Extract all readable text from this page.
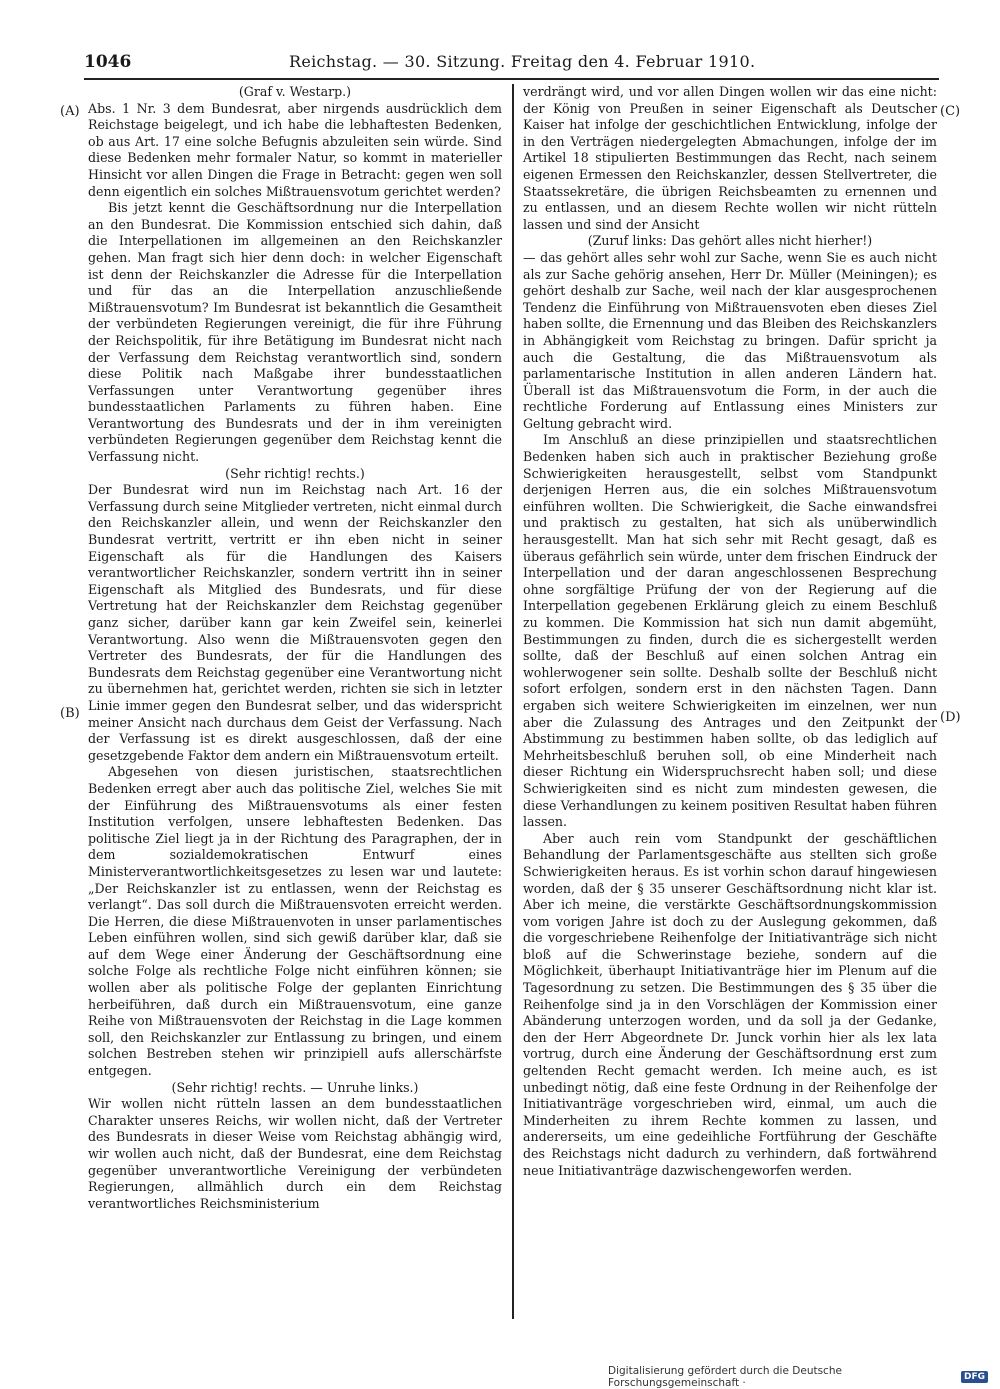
1046	Reichstag. — 30. Sitzung. Freitag den 4. Februar 1910.

(Graf v. Westarp.)

Abs. 1 Nr. 3 dem Bundesrat, aber nirgends ausdrücklich dem Reichstage beigelegt, und ich habe die lebhaftesten Bedenken, ob aus Art. 17 eine solche Befugnis abzuleiten sein würde. Sind diese Bedenken mehr formaler Natur, so kommt in materieller Hinsicht vor allen Dingen die Frage in Betracht: gegen wen soll denn eigentlich ein solches Mißtrauensvotum gerichtet werden?

Bis jetzt kennt die Geschäftsordnung nur die Interpellation an den Bundesrat. Die Kommission entschied sich dahin, daß die Interpellationen im allgemeinen an den Reichskanzler gehen. Man fragt sich hier denn doch: in welcher Eigenschaft ist denn der Reichskanzler die Adresse für die Interpellation und für das an die Interpellation anzuschließende Mißtrauensvotum? Im Bundesrat ist bekanntlich die Gesamtheit der verbündeten Regierungen vereinigt, die für ihre Führung der Reichspolitik, für ihre Betätigung im Bundesrat nicht nach der Verfassung dem Reichstag verantwortlich sind, sondern diese Politik nach Maßgabe ihrer bundesstaatlichen Verfassungen unter Verantwortung gegenüber ihres bundesstaatlichen Parlaments zu führen haben. Eine Verantwortung des Bundesrats und der in ihm vereinigten verbündeten Regierungen gegenüber dem Reichstag kennt die Verfassung nicht.

(Sehr richtig! rechts.)

Der Bundesrat wird nun im Reichstag nach Art. 16 der Verfassung durch seine Mitglieder vertreten, nicht einmal durch den Reichskanzler allein, und wenn der Reichskanzler den Bundesrat vertritt, vertritt er ihn eben nicht in seiner Eigenschaft als für die Handlungen des Kaisers verantwortlicher Reichskanzler, sondern vertritt ihn in seiner Eigenschaft als Mitglied des Bundesrats, und für diese Vertretung hat der Reichskanzler dem Reichstag gegenüber ganz sicher, darüber kann gar kein Zweifel sein, keinerlei Verantwortung. Also wenn die Mißtrauensvoten gegen den Vertreter des Bundesrats, der für die Handlungen des Bundesrats dem Reichstag gegenüber eine Verantwortung nicht zu übernehmen hat, gerichtet werden, richten sie sich in letzter Linie immer gegen den Bundesrat selber, und das widerspricht meiner Ansicht nach durchaus dem Geist der Verfassung. Nach der Verfassung ist es direkt ausgeschlossen, daß der eine gesetzgebende Faktor dem andern ein Mißtrauensvotum erteilt.

Abgesehen von diesen juristischen, staatsrechtlichen Bedenken erregt aber auch das politische Ziel, welches Sie mit der Einführung des Mißtrauensvotums als einer festen Institution verfolgen, unsere lebhaftesten Bedenken. Das politische Ziel liegt ja in der Richtung des Paragraphen, der in dem sozialdemokratischen Entwurf eines Ministerverantwortlichkeitsgesetzes zu lesen war und lautete: „Der Reichskanzler ist zu entlassen, wenn der Reichstag es verlangt“. Das soll durch die Mißtrauensvoten erreicht werden. Die Herren, die diese Mißtrauenvoten in unser parlamentisches Leben einführen wollen, sind sich gewiß darüber klar, daß sie auf dem Wege einer Änderung der Geschäftsordnung eine solche Folge als rechtliche Folge nicht einführen können; sie wollen aber als politische Folge der geplanten Einrichtung herbeiführen, daß durch ein Mißtrauensvotum, eine ganze Reihe von Mißtrauensvoten der Reichstag in die Lage kommen soll, den Reichskanzler zur Entlassung zu bringen, und einem solchen Bestreben stehen wir prinzipiell aufs allerschärfste entgegen.

(Sehr richtig! rechts. — Unruhe links.)

Wir wollen nicht rütteln lassen an dem bundesstaatlichen Charakter unseres Reichs, wir wollen nicht, daß der Vertreter des Bundesrats in dieser Weise vom Reichstag abhängig wird, wir wollen auch nicht, daß der Bundesrat, eine dem Reichstag gegenüber unverantwortliche Vereinigung der verbündeten Regierungen, allmählich durch ein dem Reichstag verantwortliches Reichsministerium

verdrängt wird, und vor allen Dingen wollen wir das eine nicht: der König von Preußen in seiner Eigenschaft als Deutscher Kaiser hat infolge der geschichtlichen Entwicklung, infolge der in den Verträgen niedergelegten Abmachungen, infolge der im Artikel 18 stipulierten Bestimmungen das Recht, nach seinem eigenen Ermessen den Reichskanzler, dessen Stellvertreter, die Staatssekretäre, die übrigen Reichsbeamten zu ernennen und zu entlassen, und an diesem Rechte wollen wir nicht rütteln lassen und sind der Ansicht

(Zuruf links: Das gehört alles nicht hierher!)

— das gehört alles sehr wohl zur Sache, wenn Sie es auch nicht als zur Sache gehörig ansehen, Herr Dr. Müller (Meiningen); es gehört deshalb zur Sache, weil nach der klar ausgesprochenen Tendenz die Einführung von Mißtrauensvoten eben dieses Ziel haben sollte, die Ernennung und das Bleiben des Reichskanzlers in Abhängigkeit vom Reichstag zu bringen. Dafür spricht ja auch die Gestaltung, die das Mißtrauensvotum als parlamentarische Institution in allen anderen Ländern hat. Überall ist das Mißtrauensvotum die Form, in der auch die rechtliche Forderung auf Entlassung eines Ministers zur Geltung gebracht wird.

Im Anschluß an diese prinzipiellen und staatsrechtlichen Bedenken haben sich auch in praktischer Beziehung große Schwierigkeiten herausgestellt, selbst vom Standpunkt derjenigen Herren aus, die ein solches Mißtrauensvotum einführen wollten. Die Schwierigkeit, die Sache einwandsfrei und praktisch zu gestalten, hat sich als unüberwindlich herausgestellt. Man hat sich sehr mit Recht gesagt, daß es überaus gefährlich sein würde, unter dem frischen Eindruck der Interpellation und der daran angeschlossenen Besprechung ohne sorgfältige Prüfung der von der Regierung auf die Interpellation gegebenen Erklärung gleich zu einem Beschluß zu kommen. Die Kommission hat sich nun damit abgemüht, Bestimmungen zu finden, durch die es sichergestellt werden sollte, daß der Beschluß auf einen solchen Antrag ein wohlerwogener sein sollte. Deshalb sollte der Beschluß nicht sofort erfolgen, sondern erst in den nächsten Tagen. Dann ergaben sich weitere Schwierigkeiten im einzelnen, wer nun aber die Zulassung des Antrages und den Zeitpunkt der Abstimmung zu bestimmen haben sollte, ob das lediglich auf Mehrheitsbeschluß beruhen soll, ob eine Minderheit nach dieser Richtung ein Widerspruchsrecht haben soll; und diese Schwierigkeiten sind es nicht zum mindesten gewesen, die diese Verhandlungen zu keinem positiven Resultat haben führen lassen.

Aber auch rein vom Standpunkt der geschäftlichen Behandlung der Parlamentsgeschäfte aus stellten sich große Schwierigkeiten heraus. Es ist vorhin schon darauf hingewiesen worden, daß der § 35 unserer Geschäftsordnung nicht klar ist. Aber ich meine, die verstärkte Geschäftsordnungskommission vom vorigen Jahre ist doch zu der Auslegung gekommen, daß die vorgeschriebene Reihenfolge der Initiativanträge sich nicht bloß auf die Schwerinstage beziehe, sondern auf die Möglichkeit, überhaupt Initiativanträge hier im Plenum auf die Tagesordnung zu setzen. Die Bestimmungen des § 35 über die Reihenfolge sind ja in den Vorschlägen der Kommission einer Abänderung unterzogen worden, und da soll ja der Gedanke, den der Herr Abgeordnete Dr. Junck vorhin hier als lex lata vortrug, durch eine Änderung der Geschäftsordnung erst zum geltenden Recht gemacht werden. Ich meine auch, es ist unbedingt nötig, daß eine feste Ordnung in der Reihenfolge der Initiativanträge vorgeschrieben wird, einmal, um auch die Minderheiten zu ihrem Rechte kommen zu lassen, und andererseits, um eine gedeihliche Fortführung der Geschäfte des Reichstags nicht dadurch zu verhindern, daß fortwährend neue Initiativanträge dazwischengeworfen werden.

(A)
(B)
(C)
(D)
Digitalisierung gefördert durch die Deutsche Forschungsgemeinschaft ·	DFG
